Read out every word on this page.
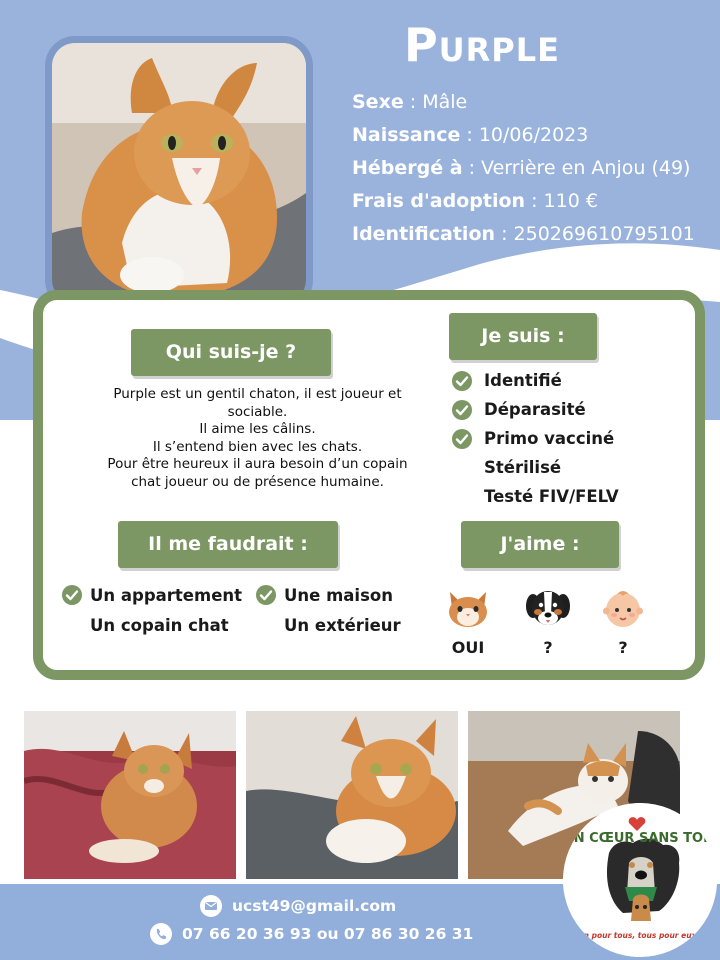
Purple
Sexe : Mâle
Naissance : 10/06/2023
Hébergé à : Verrière en Anjou (49)
Frais d'adoption : 110 €
Identification : 250269610795101
Qui suis-je ?
Purple est un gentil chaton, il est joueur et
sociable.
Il aime les câlins.
Il s’entend bien avec les chats.
Pour être heureux il aura besoin d’un copain
chat joueur ou de présence humaine.
Je suis :
Identifié
Déparasité
Primo vacciné
Stérilisé
Testé FIV/FELV
Il me faudrait :
Un appartement
Un copain chat
Une maison
Un extérieur
J'aime :
OUI	?	?
ucst49@gmail.com
07 66 20 36 93 ou 07 86 30 26 31
UN CŒUR SANS TOIT
Un pour tous, tous pour eux !
